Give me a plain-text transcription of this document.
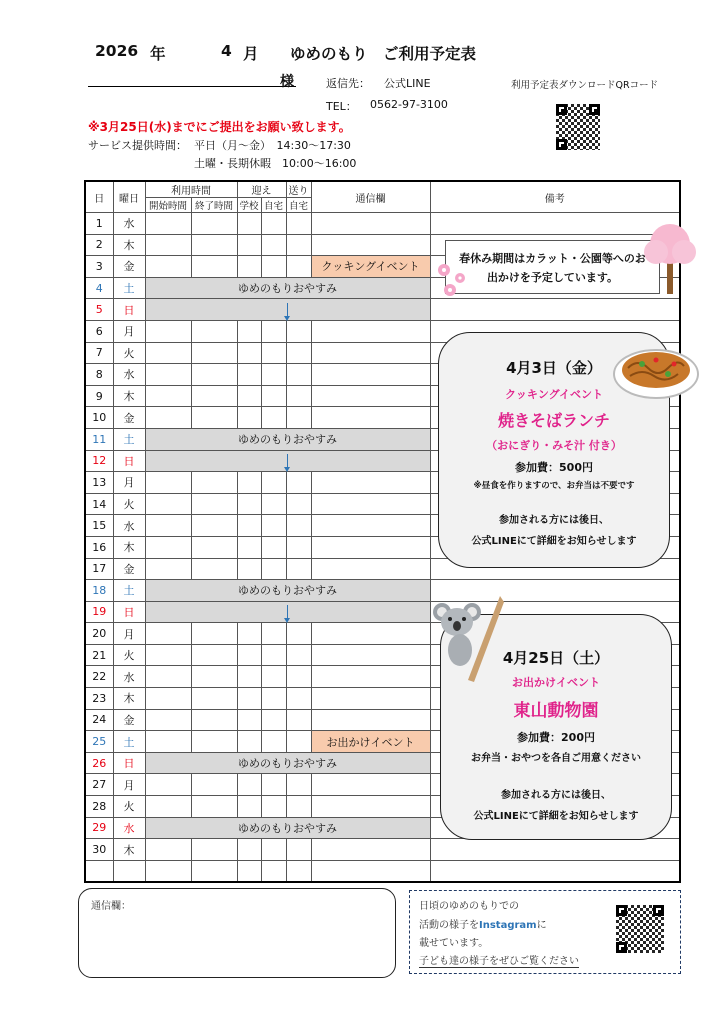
2026 年	4 月 ゆめのもり　ご利用予定表
様	返信先： 公式LINE	利用予定表ダウンロードQRコード
TEL： 0562-97-3100
※3月25日(水)までにご提出をお願い致します。
サービス提供時間： 平日（月～金）　14:30～17:30
土曜・長期休暇　10:00～16:00
日	曜日	利用時間		迎え		送り	通信欄	備考
		開始時間	終了時間	学校	自宅	自宅		
1	水							
2	木							
3	金						クッキングイベント	
4	土	ゆめのもりおやすみ						
5	日							
6	月							
7	火							
8	水							
9	木							
10	金							
11	土	ゆめのもりおやすみ						
12	日							
13	月							
14	火							
15	水							
16	木							
17	金							
18	土	ゆめのもりおやすみ						
19	日							
20	月							
21	火							
22	水							
23	木							
24	金							
25	土						お出かけイベント	
26	日	ゆめのもりおやすみ						
27	月							
28	火							
29	水	ゆめのもりおやすみ						
30	木							

春休み期間はカラット・公園等へのお
出かけを予定しています。
4月3日（金）
クッキングイベント
焼きそばランチ
（おにぎり・みそ汁 付き）
参加費：500円
※昼食を作りますので、お弁当は不要です
参加される方には後日、
公式LINEにて詳細をお知らせします
4月25日（土）
お出かけイベント
東山動物園
参加費：200円
お弁当・おやつを各自ご用意ください
参加される方には後日、
公式LINEにて詳細をお知らせします
通信欄：	日頃のゆめのもりでの
活動の様子をInstagramに
載せています。
子ども達の様子をぜひご覧ください
